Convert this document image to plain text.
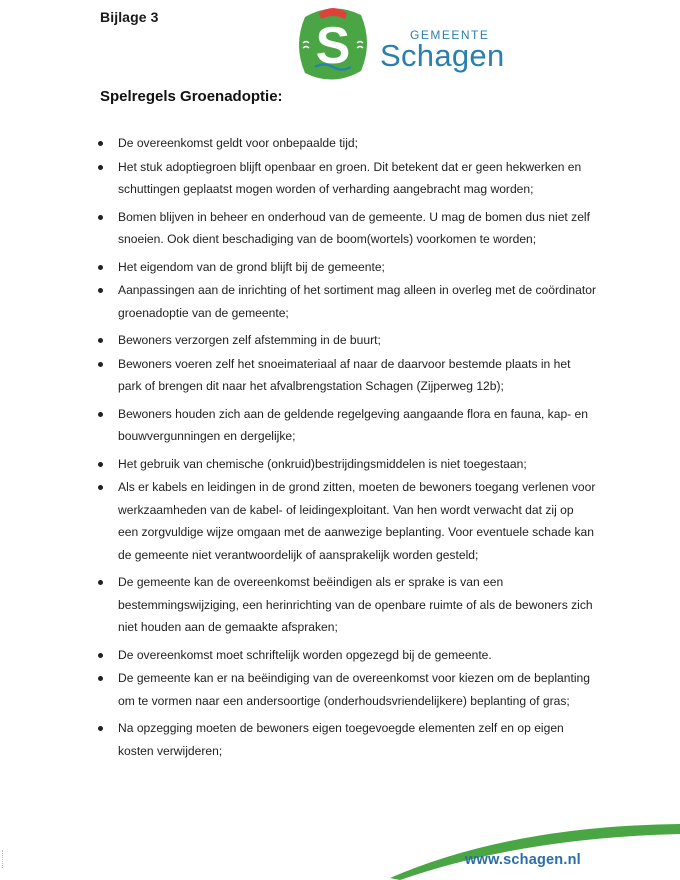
Bijlage 3	S	GEMEENTE
Schagen
Spelregels Groenadoptie:
De overeenkomst geldt voor onbepaalde tijd;
Het stuk adoptiegroen blijft openbaar en groen. Dit betekent dat er geen hekwerken en schuttingen geplaatst mogen worden of verharding aangebracht mag worden;
Bomen blijven in beheer en onderhoud van de gemeente. U mag de bomen dus niet zelf snoeien. Ook dient beschadiging van de boom(wortels) voorkomen te worden;
Het eigendom van de grond blijft bij de gemeente;
Aanpassingen aan de inrichting of het sortiment mag alleen in overleg met de coördinator groenadoptie van de gemeente;
Bewoners verzorgen zelf afstemming in de buurt;
Bewoners voeren zelf het snoeimateriaal af naar de daarvoor bestemde plaats in het park of brengen dit naar het afvalbrengstation Schagen (Zijperweg 12b);
Bewoners houden zich aan de geldende regelgeving aangaande flora en fauna, kap- en bouwvergunningen en dergelijke;
Het gebruik van chemische (onkruid)bestrijdingsmiddelen is niet toegestaan;
Als er kabels en leidingen in de grond zitten, moeten de bewoners toegang verlenen voor werkzaamheden van de kabel- of leidingexploitant. Van hen wordt verwacht dat zij op een zorgvuldige wijze omgaan met de aanwezige beplanting. Voor eventuele schade kan de gemeente niet verantwoordelijk of aansprakelijk worden gesteld;
De gemeente kan de overeenkomst beëindigen als er sprake is van een bestemmingswijziging, een herinrichting van de openbare ruimte of als de bewoners zich niet houden aan de gemaakte afspraken;
De overeenkomst moet schriftelijk worden opgezegd bij de gemeente.
De gemeente kan er na beëindiging van de overeenkomst voor kiezen om de beplanting om te vormen naar een andersoortige (onderhoudsvriendelijkere) beplanting of gras;
Na opzegging moeten de bewoners eigen toegevoegde elementen zelf en op eigen kosten verwijderen;
www.schagen.nl
